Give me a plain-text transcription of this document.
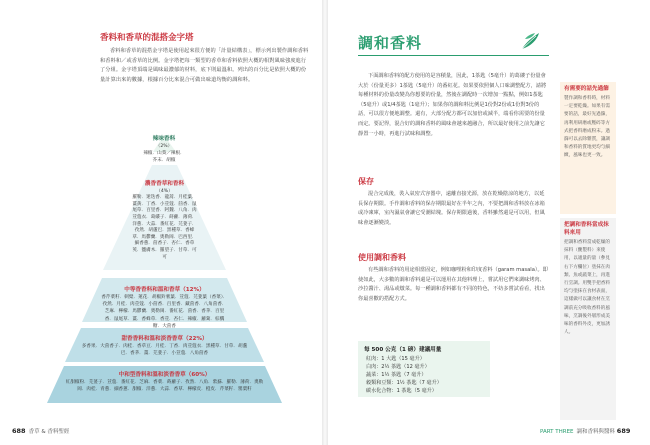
香料和香草的混搭金字塔
香料和香草的混搭金字塔是使用起來很方便的「計量結構表」，標示列出製作調和香料和香料和／或香草的比例。金字塔把每一類型的香草和香料依照大概的相對風味強度進行了分組。金字塔頂端是風味最濃郁的材料，底下則最溫和。列出的百分比是依照大概的份量計算出來的數據，根據百分比來混合可做出味道均衡的調和料。
辣味香料
（2%）
辣椒．山葵／辣根．芥末．胡椒
濃香香草和香料
（4%）
羅勒．迷迭香．龍蒿．月桂葉．薑黃．丁香．小荳蔻．茴香．鼠尾草．百里香．阿魏．八角．肉荳蔻衣．葛縷子．蒔蘿．薄荷．洋蔥．大蒜．番紅花．芫荽子．孜然．胡蘆巴．黑種草．香蜂草．馬鬱蘭．奧勒岡．巴西里．細香蔥．茴香子．杏仁．香草莢．鹽膚木．羅望子．甘草．可可
中等香香料和溫和香草（12%）
香芹菜籽．刺檗．蓮花．胡椒鈴薯葉．荳蔻．芫荽葉（香菜）．孜然．月桂．肉荳蔻．小茴香．百里香．藏茴香．八角茴香．芝麻．檸檬．馬鬱蘭．奧勒岡．番紅花．茴香．香茅．百里香．鼠尾草．薑．香蜂草．香荳．杏仁．辣椒．蘿蔔．棕櫚糖．大茴香
甜香香料和溫和淡香香草（22%）
多香果．大茴香子．肉桂．香草豆．月桂．丁香．肉荳蔻衣．黑種草．甘草．胡蘆巴．香茅．薑．芫荽子．小荳蔻．八角茴香
中和型香料和溫和淡香香草（60%）
紅甜椒粉．芫荽子．荳蔻．番紅花．芝麻．香菜．蒔蘿子．孜然．八角．紫蘇．羅勒．薄荷．奧勒岡．肉桂．青蔥．細香蔥．甜椒．洋蔥．大蒜．香草．檸檬皮．橙皮．芹菜籽．罌粟籽
688 香草 & 香料聖經
調和香料
下面調和香料的配方使用的是容積量，因此，1茶匙（5毫升）的葛縷子份量會大於（份量更多）1茶匙（5毫升）的番紅花。如果要依照個人口味調整配方，請將每種材料的份量改變為你想要的份量，然後在調配時一次增加一點點，例如1茶匙（5毫升）或1/4茶匙（1毫升）；如果你的調和料比例是1份對2份或1份對3份的話，可以很方便地調整。還有，大部分配方都可以加倍或減半，端看你需要的份量而定。要記得，混合好的調和香料的風味會越來越融合，所以最好使用之前先讓它靜置一小時，再進行試味和調整。
保存
混合完成後，裝入氣密式容器中，遠離直接光源，放在乾燥陰涼的地方，以延長保存期限。手作調和香料的保存期限最好在半年之內，不要把調和香料放在冰箱或冷凍庫，室內濕氣會讓它受潮結塊。保存期限過後，香料雖然還是可以用，但風味會逐漸變淡。
使用調和香料
有些調和香料的用途相當固定，例如咖哩粉和印度香料（garam masala）。即使如此，大多數的調和香料還是可以運用在其他料理上，嘗試用它們來調味烤肉、沙拉醬汁、湯品或燉菜。每一種調和香料都有不同的特色，不妨多嘗試看看，找出你最喜歡的搭配方式。
每 500 公克（1 磅）建議用量
紅肉：1 大匙（15 毫升）
白肉：2½ 茶匙（12 毫升）
蔬菜：1½ 茶匙（7 毫升）
穀類和豆類：1½ 茶匙（7 毫升）
碳水化合物：1 茶匙（5 毫升）
有需要的話先過篩
製作調和香料時，材料一定要乾燥。如果有需要的話，最好先過篩，再利用研磨或壓碎等方式把香料磨成粉末。過篩可以去除雜質，讓調和香料的質地更均勻細緻，風味也更一致。
把調和香料當成抹料來用
把調和香料當成乾燥的抹料（醃製料）來使用，以適量的量（參見右下方欄位）塗抹在肉類、魚或蔬菜上，再進行烹調。用雙手把香料均勻塗抹在食材表面，這樣做可以讓食材在烹調前充分吸收香料的風味，烹調後外層形成美味的香料外皮，更加誘人。
PART THREE 調和香料與醬料 689
